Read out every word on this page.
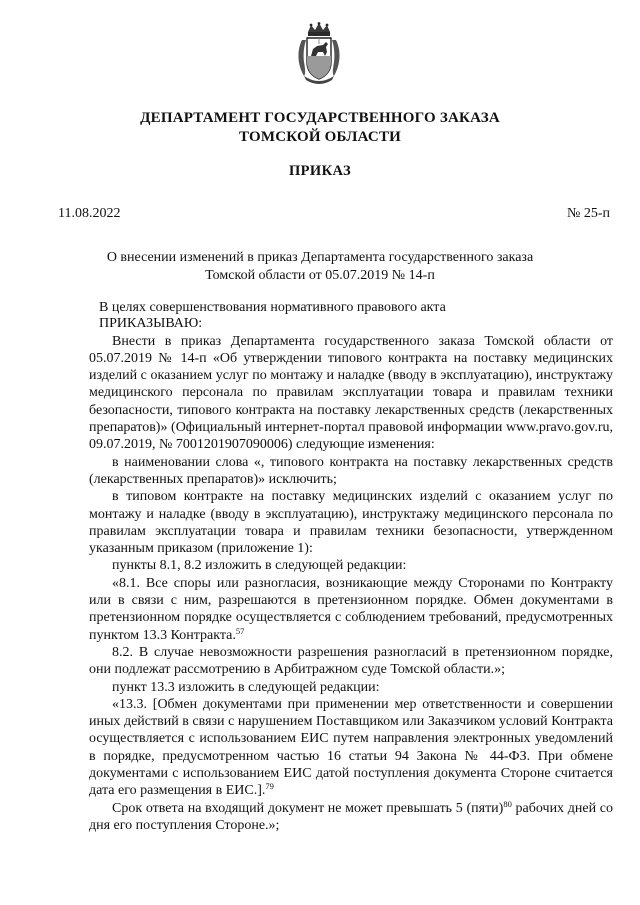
ДЕПАРТАМЕНТ ГОСУДАРСТВЕННОГО ЗАКАЗА
ТОМСКОЙ ОБЛАСТИ
ПРИКАЗ
11.08.2022	№ 25-п
О внесении изменений в приказ Департамента государственного заказа
Томской области от 05.07.2019 № 14-п

В целях совершенствования нормативного правового акта

ПРИКАЗЫВАЮ:

Внести в приказ Департамента государственного заказа Томской области от 05.07.2019 № 14-п «Об утверждении типового контракта на поставку медицинских изделий с оказанием услуг по монтажу и наладке (вводу в эксплуатацию), инструктажу медицинского персонала по правилам эксплуатации товара и правилам техники безопасности, типового контракта на поставку лекарственных средств (лекарственных препаратов)» (Официальный интернет-портал правовой информации www.pravo.gov.ru, 09.07.2019, № 7001201907090006) следующие изменения:

в наименовании слова «, типового контракта на поставку лекарственных средств (лекарственных препаратов)» исключить;

в типовом контракте на поставку медицинских изделий с оказанием услуг по монтажу и наладке (вводу в эксплуатацию), инструктажу медицинского персонала по правилам эксплуатации товара и правилам техники безопасности, утвержденном указанным приказом (приложение 1):

пункты 8.1, 8.2 изложить в следующей редакции:

«8.1. Все споры или разногласия, возникающие между Сторонами по Контракту или в связи с ним, разрешаются в претензионном порядке. Обмен документами в претензионном порядке осуществляется с соблюдением требований, предусмотренных пунктом 13.3 Контракта.$^{57}$

8.2. В случае невозможности разрешения разногласий в претензионном порядке, они подлежат рассмотрению в Арбитражном суде Томской области.»;

пункт 13.3 изложить в следующей редакции:

«13.3. [Обмен документами при применении мер ответственности и совершении иных действий в связи с нарушением Поставщиком или Заказчиком условий Контракта осуществляется с использованием ЕИС путем направления электронных уведомлений в порядке, предусмотренном частью 16 статьи 94 Закона № 44-ФЗ. При обмене документами с использованием ЕИС датой поступления документа Стороне считается дата его размещения в ЕИС.].$^{79}$

Срок ответа на входящий документ не может превышать 5 (пяти)$^{80}$ рабочих дней со дня его поступления Стороне.»;
